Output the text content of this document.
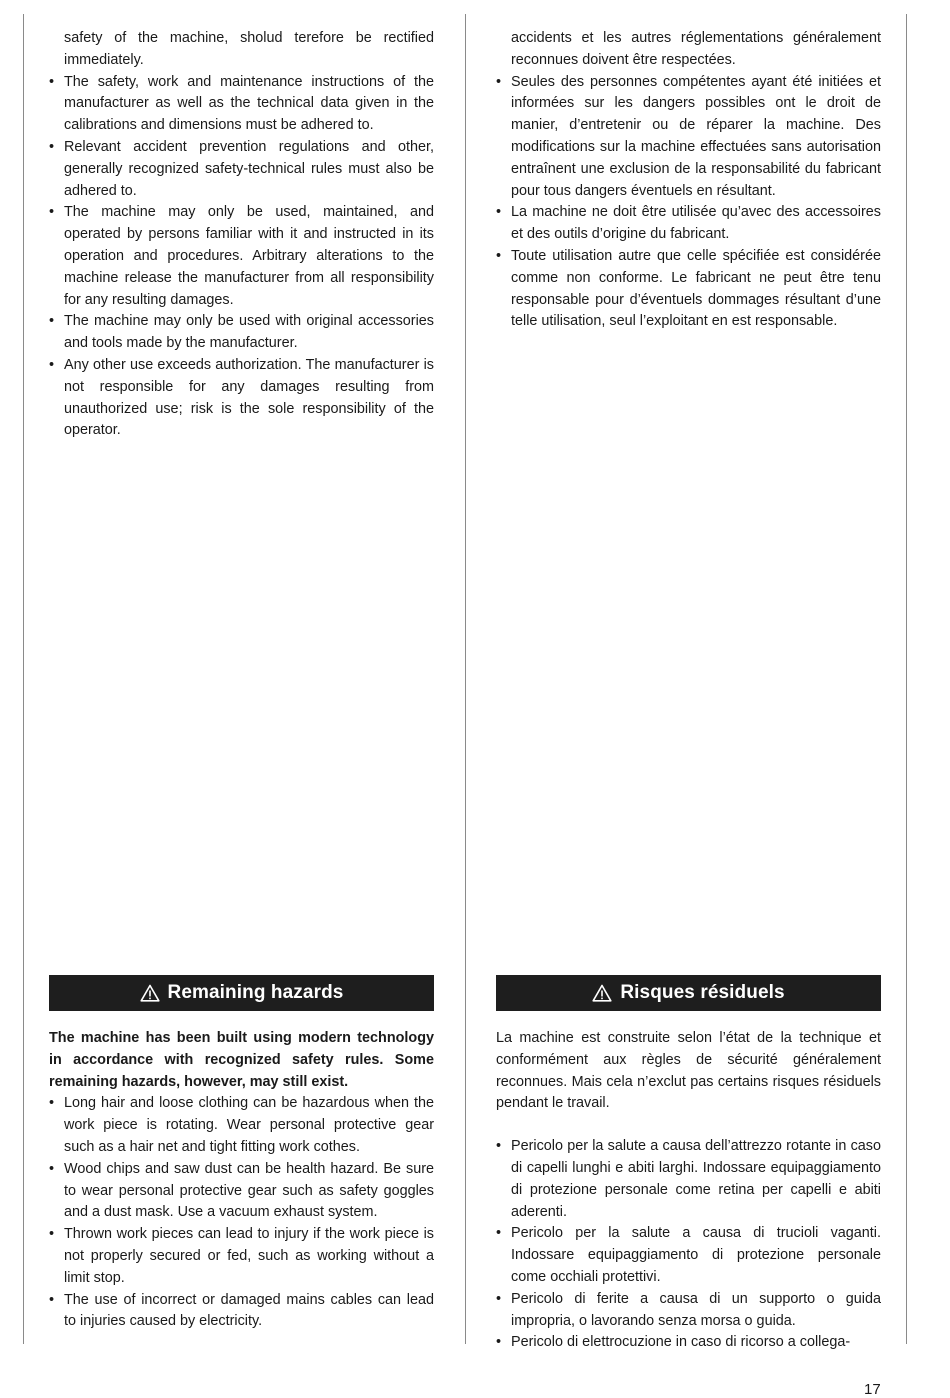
safety of the machine, sholud terefore be rectified immediately.

• The safety, work and maintenance instructions of the manufacturer as well as the technical data given in the calibrations and dimensions must be adhered to.
• Relevant accident prevention regulations and other, generally recognized safety-technical rules must also be adhered to.
• The machine may only be used, maintained, and operated by persons familiar with it and instructed in its operation and procedures. Arbitrary alterations to the machine release the manufacturer from all responsibility for any resulting damages.
• The machine may only be used with original accessories and tools made by the manufacturer.
• Any other use exceeds authorization. The manufacturer is not responsible for any damages resulting from unauthorized use; risk is the sole responsibility of the operator.

accidents et les autres réglementations généralement reconnues doivent être respectées.

• Seules des personnes compétentes ayant été initiées et informées sur les dangers possibles ont le droit de manier, d’entretenir ou de réparer la machine. Des modifications sur la machine effectuées sans autorisation entraînent une exclusion de la responsabilité du fabricant pour tous dangers éventuels en résultant.
• La machine ne doit être utilisée qu’avec des accessoires et des outils d’origine du fabricant.
• Toute utilisation autre que celle spécifiée est considérée comme non conforme. Le fabricant ne peut être tenu responsable pour d’éventuels dommages résultant d’une telle utilisation, seul l’exploitant en est responsable.
Remaining hazards	Risques résiduels

The machine has been built using modern technology in accordance with recognized safety rules. Some remaining hazards, however, may still exist.

• Long hair and loose clothing can be hazardous when the work piece is rotating. Wear personal protective gear such as a hair net and tight fitting work cothes.
• Wood chips and saw dust can be health hazard. Be sure to wear personal protective gear such as safety goggles and a dust mask. Use a vacuum exhaust system.
• Thrown work pieces can lead to injury if the work piece is not properly secured or fed, such as working without a limit stop.
• The use of incorrect or damaged mains cables can lead to injuries caused by electricity.

La machine est construite selon l’état de la technique et conformément aux règles de sécurité généralement reconnues. Mais cela n’exclut pas certains risques résiduels pendant le travail.

• Pericolo per la salute a causa dell’attrezzo rotante in caso di capelli lunghi e abiti larghi. Indossare equipaggiamento di protezione personale come retina per capelli e abiti aderenti.
• Pericolo per la salute a causa di trucioli vaganti. Indossare equipaggiamento di protezione personale come occhiali protettivi.
• Pericolo di ferite a causa di un supporto o guida impropria, o lavorando senza morsa o guida.
• Pericolo di elettrocuzione in caso di ricorso a collega-
17
